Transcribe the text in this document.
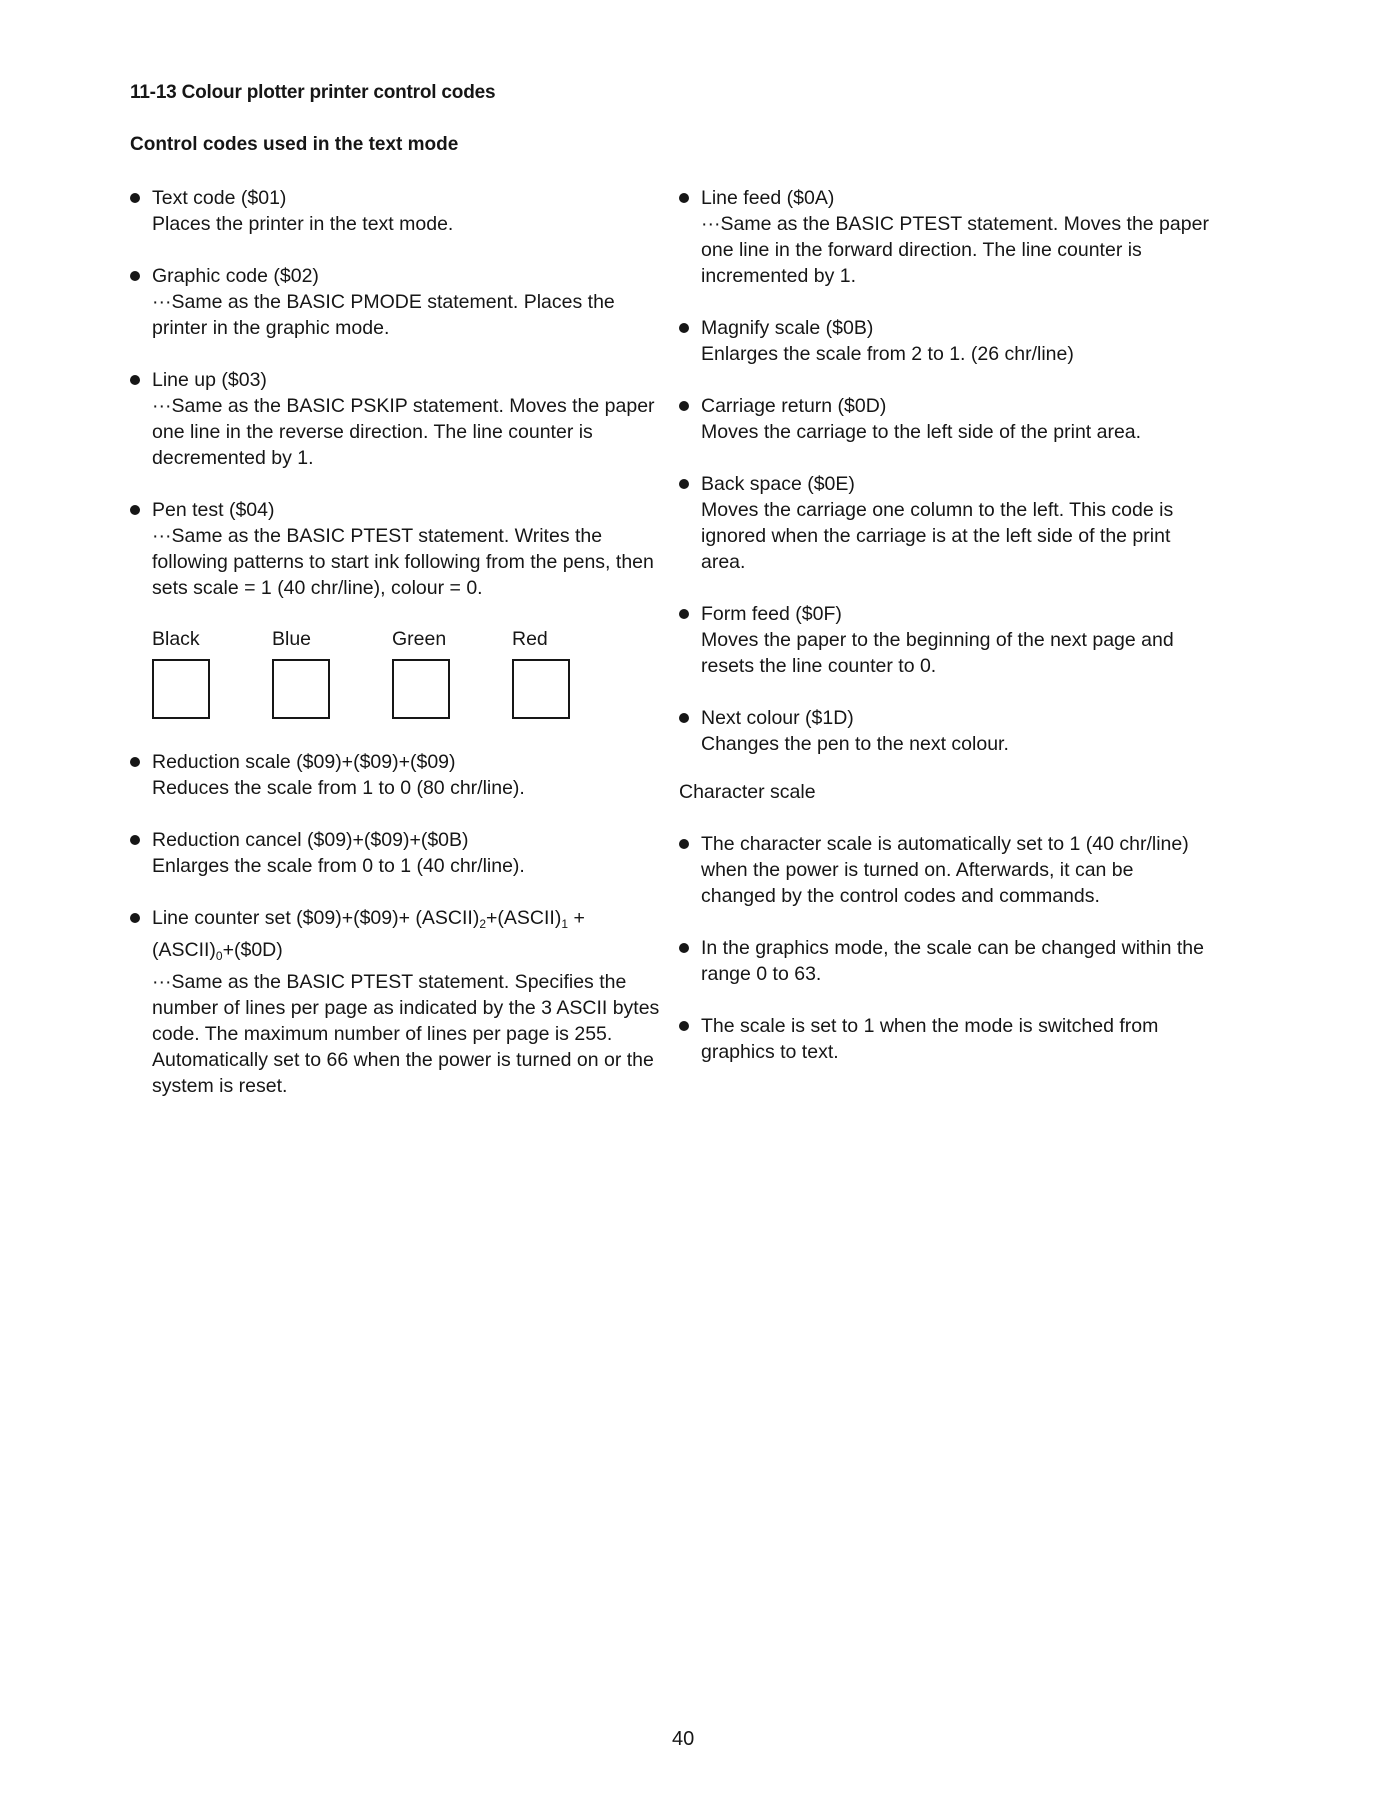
11-13 Colour plotter printer control codes
Control codes used in the text mode
Text code ($01)
Places the printer in the text mode.
Graphic code ($02)
···Same as the BASIC PMODE statement. Places the printer in the graphic mode.
Line up ($03)
···Same as the BASIC PSKIP statement. Moves the paper one line in the reverse direction. The line counter is decremented by 1.
Pen test ($04)
···Same as the BASIC PTEST statement. Writes the following patterns to start ink following from the pens, then sets scale = 1 (40 chr/line), colour = 0.
Black	Blue	Green	Red
Reduction scale ($09)+($09)+($09)
Reduces the scale from 1 to 0 (80 chr/line).
Reduction cancel ($09)+($09)+($0B)
Enlarges the scale from 0 to 1 (40 chr/line).
Line counter set ($09)+($09)+ $(ASCII)_2+(ASCII)_1$ + $(ASCII)_0+(\$0D)$
···Same as the BASIC PTEST statement. Specifies the number of lines per page as indicated by the 3 ASCII bytes code. The maximum number of lines per page is 255. Automatically set to 66 when the power is turned on or the system is reset.
Line feed ($0A)
···Same as the BASIC PTEST statement. Moves the paper one line in the forward direction. The line counter is incremented by 1.
Magnify scale ($0B)
Enlarges the scale from 2 to 1. (26 chr/line)
Carriage return ($0D)
Moves the carriage to the left side of the print area.
Back space ($0E)
Moves the carriage one column to the left. This code is ignored when the carriage is at the left side of the print area.
Form feed ($0F)
Moves the paper to the beginning of the next page and resets the line counter to 0.
Next colour ($1D)
Changes the pen to the next colour.
Character scale
The character scale is automatically set to 1 (40 chr/line) when the power is turned on. Afterwards, it can be changed by the control codes and commands.
In the graphics mode, the scale can be changed within the range 0 to 63.
The scale is set to 1 when the mode is switched from graphics to text.
40
